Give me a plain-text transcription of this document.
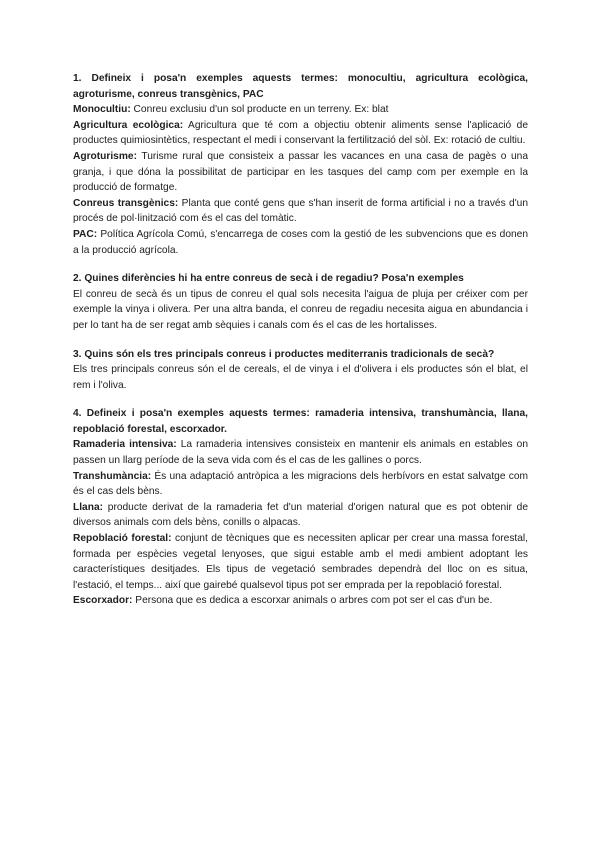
1. Defineix i posa'n exemples aquests termes: monocultiu, agricultura ecològica, agroturisme, conreus transgènics, PAC

Monocultiu: Conreu exclusiu d'un sol producte en un terreny. Ex: blat

Agricultura ecològica: Agricultura que té com a objectiu obtenir aliments sense l'aplicació de productes quimiosintètics, respectant el medi i conservant la fertilització del sòl. Ex: rotació de cultiu.

Agroturisme: Turisme rural que consisteix a passar les vacances en una casa de pagès o una granja, i que dóna la possibilitat de participar en les tasques del camp com per exemple en la producció de formatge.

Conreus transgènics: Planta que conté gens que s'han inserit de forma artificial i no a través d'un procés de pol·linització com és el cas del tomàtic.

PAC: Política Agrícola Comú, s'encarrega de coses com la gestió de les subvencions que es donen a la producció agrícola.

2. Quines diferències hi ha entre conreus de secà i de regadiu? Posa'n exemples

El conreu de secà és un tipus de conreu el qual sols necesita l'aigua de pluja per créixer com per exemple la vinya i olivera. Per una altra banda, el conreu de regadiu necesita aigua en abundancia i per lo tant ha de ser regat amb sèquies i canals com és el cas de les hortalisses.

3. Quins són els tres principals conreus i productes mediterranis tradicionals de secà?

Els tres principals conreus són el de cereals, el de vinya i el d'olivera i els productes són el blat, el rem i l'oliva.

4. Defineix i posa'n exemples aquests termes: ramaderia intensiva, transhumància, llana, repoblació forestal, escorxador.

Ramaderia intensiva: La ramaderia intensives consisteix en mantenir els animals en estables on passen un llarg període de la seva vida com és el cas de les gallines o porcs.

Transhumància: És una adaptació antròpica a les migracions dels herbívors en estat salvatge com és el cas dels bèns.

Llana: producte derivat de la ramaderia fet d'un material d'origen natural que es pot obtenir de diversos animals com dels bèns, conills o alpacas.

Repoblació forestal: conjunt de tècniques que es necessiten aplicar per crear una massa forestal, formada per espècies vegetal lenyoses, que sigui estable amb el medi ambient adoptant les característiques desitjades. Els tipus de vegetació sembrades dependrà del lloc on es situa, l'estació, el temps... així que gairebé qualsevol tipus pot ser emprada per la repoblació forestal.

Escorxador: Persona que es dedica a escorxar animals o arbres com pot ser el cas d'un be.
